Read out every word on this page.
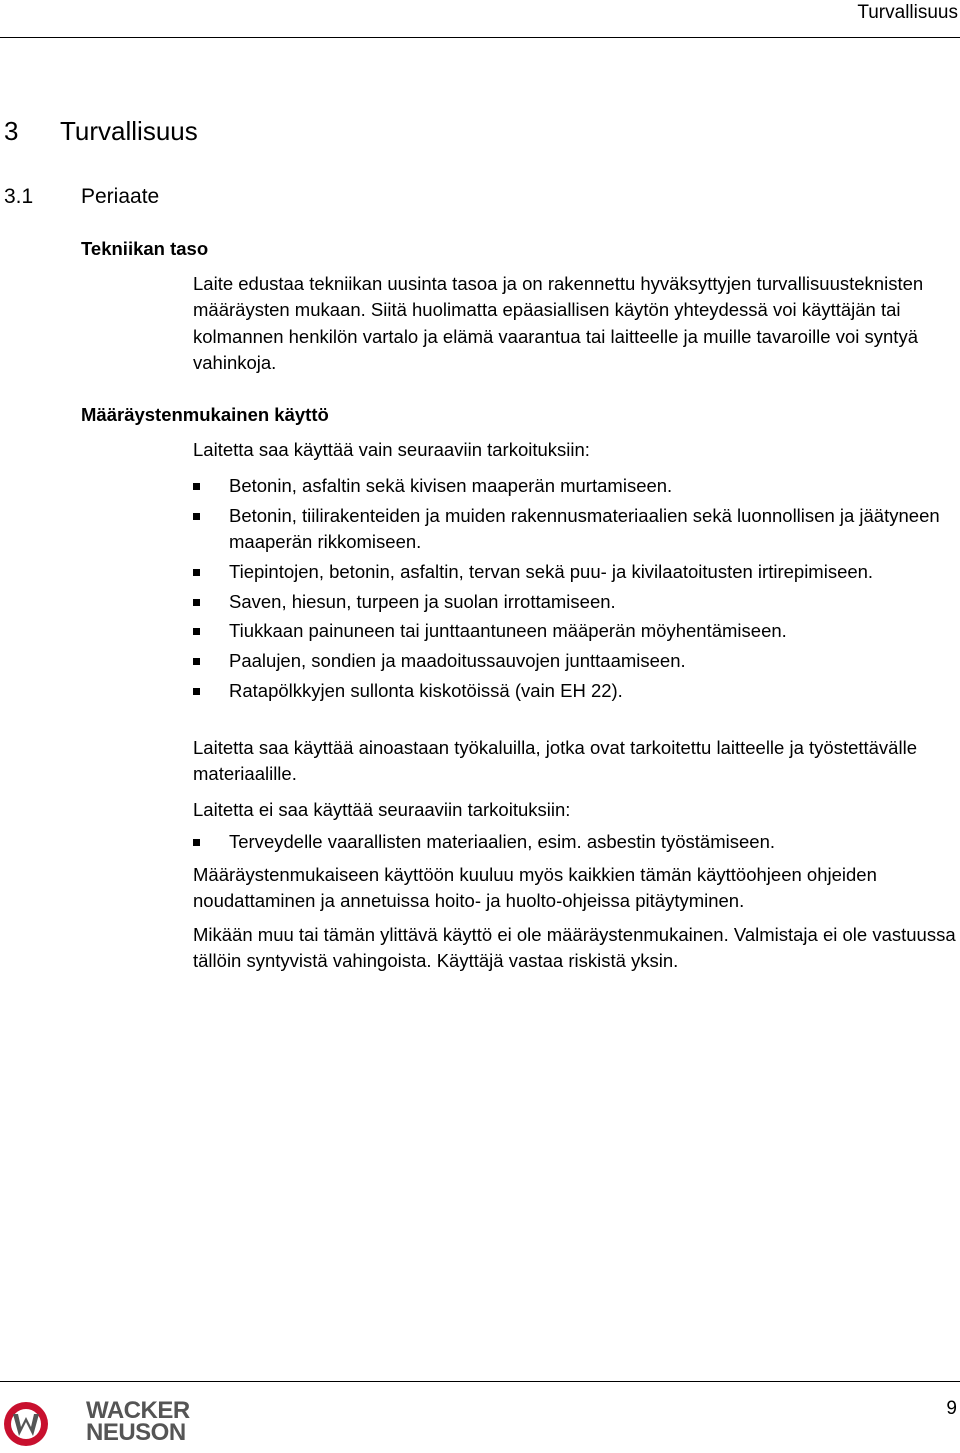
Turvallisuus
3 Turvallisuus
3.1 Periaate
Tekniikan taso
Laite edustaa tekniikan uusinta tasoa ja on rakennettu hyväksyttyjen turvallisuusteknisten määräysten mukaan. Siitä huolimatta epäasiallisen käytön yhteydessä voi käyttäjän tai kolmannen henkilön vartalo ja elämä vaarantua tai laitteelle ja muille tavaroille voi syntyä vahinkoja.
Määräystenmukainen käyttö
Laitetta saa käyttää vain seuraaviin tarkoituksiin:
Betonin, asfaltin sekä kivisen maaperän murtamiseen.
Betonin, tiilirakenteiden ja muiden rakennusmateriaalien sekä luonnollisen ja jäätyneen maaperän rikkomiseen.
Tiepintojen, betonin, asfaltin, tervan sekä puu- ja kivilaatoitusten irtirepimiseen.
Saven, hiesun, turpeen ja suolan irrottamiseen.
Tiukkaan painuneen tai junttaantuneen määperän möyhentämiseen.
Paalujen, sondien ja maadoitussauvojen junttaamiseen.
Ratapölkkyjen sullonta kiskotöissä (vain EH 22).
Laitetta saa käyttää ainoastaan työkaluilla, jotka ovat tarkoitettu laitteelle ja työstettävälle materiaalille.
Laitetta ei saa käyttää seuraaviin tarkoituksiin:
Terveydelle vaarallisten materiaalien, esim. asbestin työstämiseen.
Määräystenmukaiseen käyttöön kuuluu myös kaikkien tämän käyttöohjeen ohjeiden noudattaminen ja annetuissa hoito- ja huolto-ohjeissa pitäytyminen.
Mikään muu tai tämän ylittävä käyttö ei ole määräystenmukainen. Valmistaja ei ole vastuussa tällöin syntyvistä vahingoista. Käyttäjä vastaa riskistä yksin.
9
WACKER
NEUSON
